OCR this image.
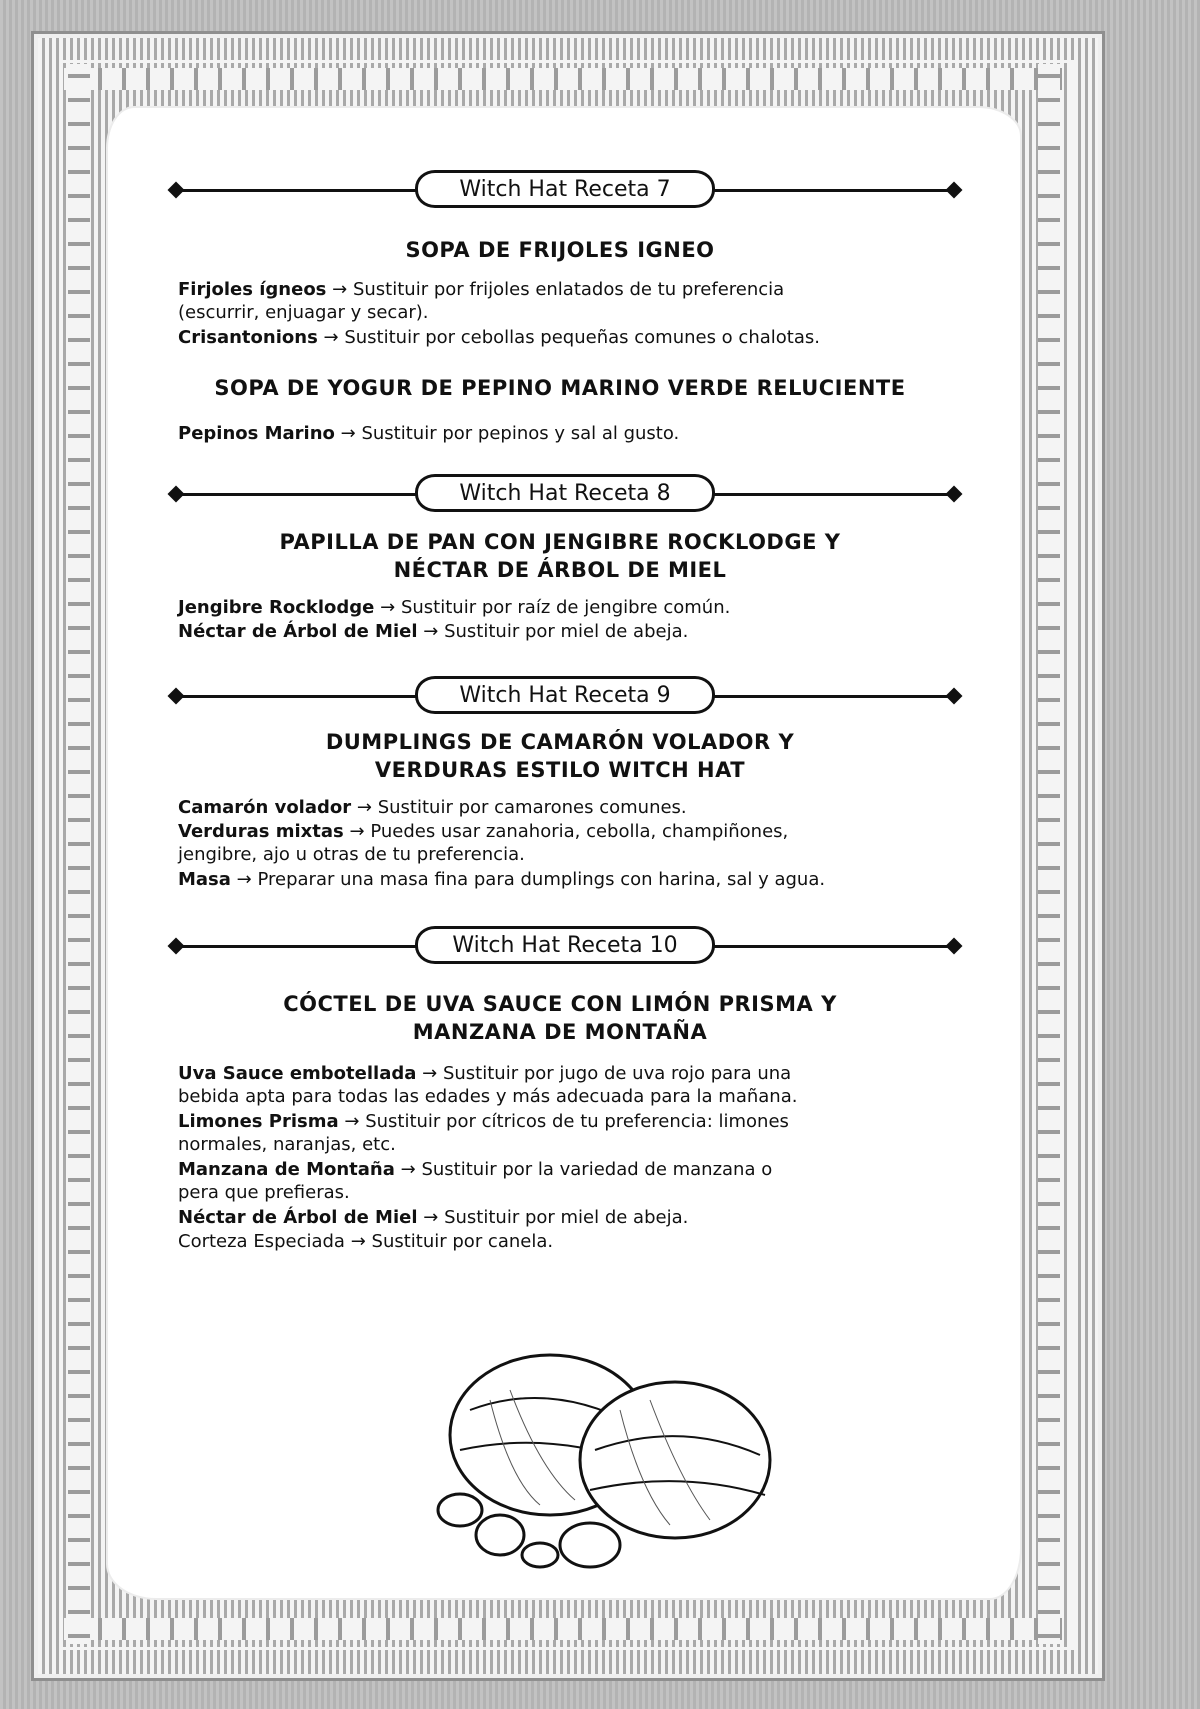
Witch Hat Receta 7
SOPA DE FRIJOLES IGNEO
Firjoles ígneos → Sustituir por frijoles enlatados de tu preferencia
(escurrir, enjuagar y secar).
Crisantonions → Sustituir por cebollas pequeñas comunes o chalotas.
SOPA DE YOGUR DE PEPINO MARINO VERDE RELUCIENTE
Pepinos Marino → Sustituir por pepinos y sal al gusto.
Witch Hat Receta 8
PAPILLA DE PAN CON JENGIBRE ROCKLODGE Y
NÉCTAR DE ÁRBOL DE MIEL
Jengibre Rocklodge → Sustituir por raíz de jengibre común.
Néctar de Árbol de Miel → Sustituir por miel de abeja.
Witch Hat Receta 9
DUMPLINGS DE CAMARÓN VOLADOR Y
VERDURAS ESTILO WITCH HAT
Camarón volador → Sustituir por camarones comunes.
Verduras mixtas → Puedes usar zanahoria, cebolla, champiñones,
jengibre, ajo u otras de tu preferencia.
Masa → Preparar una masa fina para dumplings con harina, sal y agua.
Witch Hat Receta 10
CÓCTEL DE UVA SAUCE CON LIMÓN PRISMA Y
MANZANA DE MONTAÑA
Uva Sauce embotellada → Sustituir por jugo de uva rojo para una
bebida apta para todas las edades y más adecuada para la mañana.
Limones Prisma → Sustituir por cítricos de tu preferencia: limones
normales, naranjas, etc.
Manzana de Montaña → Sustituir por la variedad de manzana o
pera que prefieras.
Néctar de Árbol de Miel → Sustituir por miel de abeja.
Corteza Especiada → Sustituir por canela.
